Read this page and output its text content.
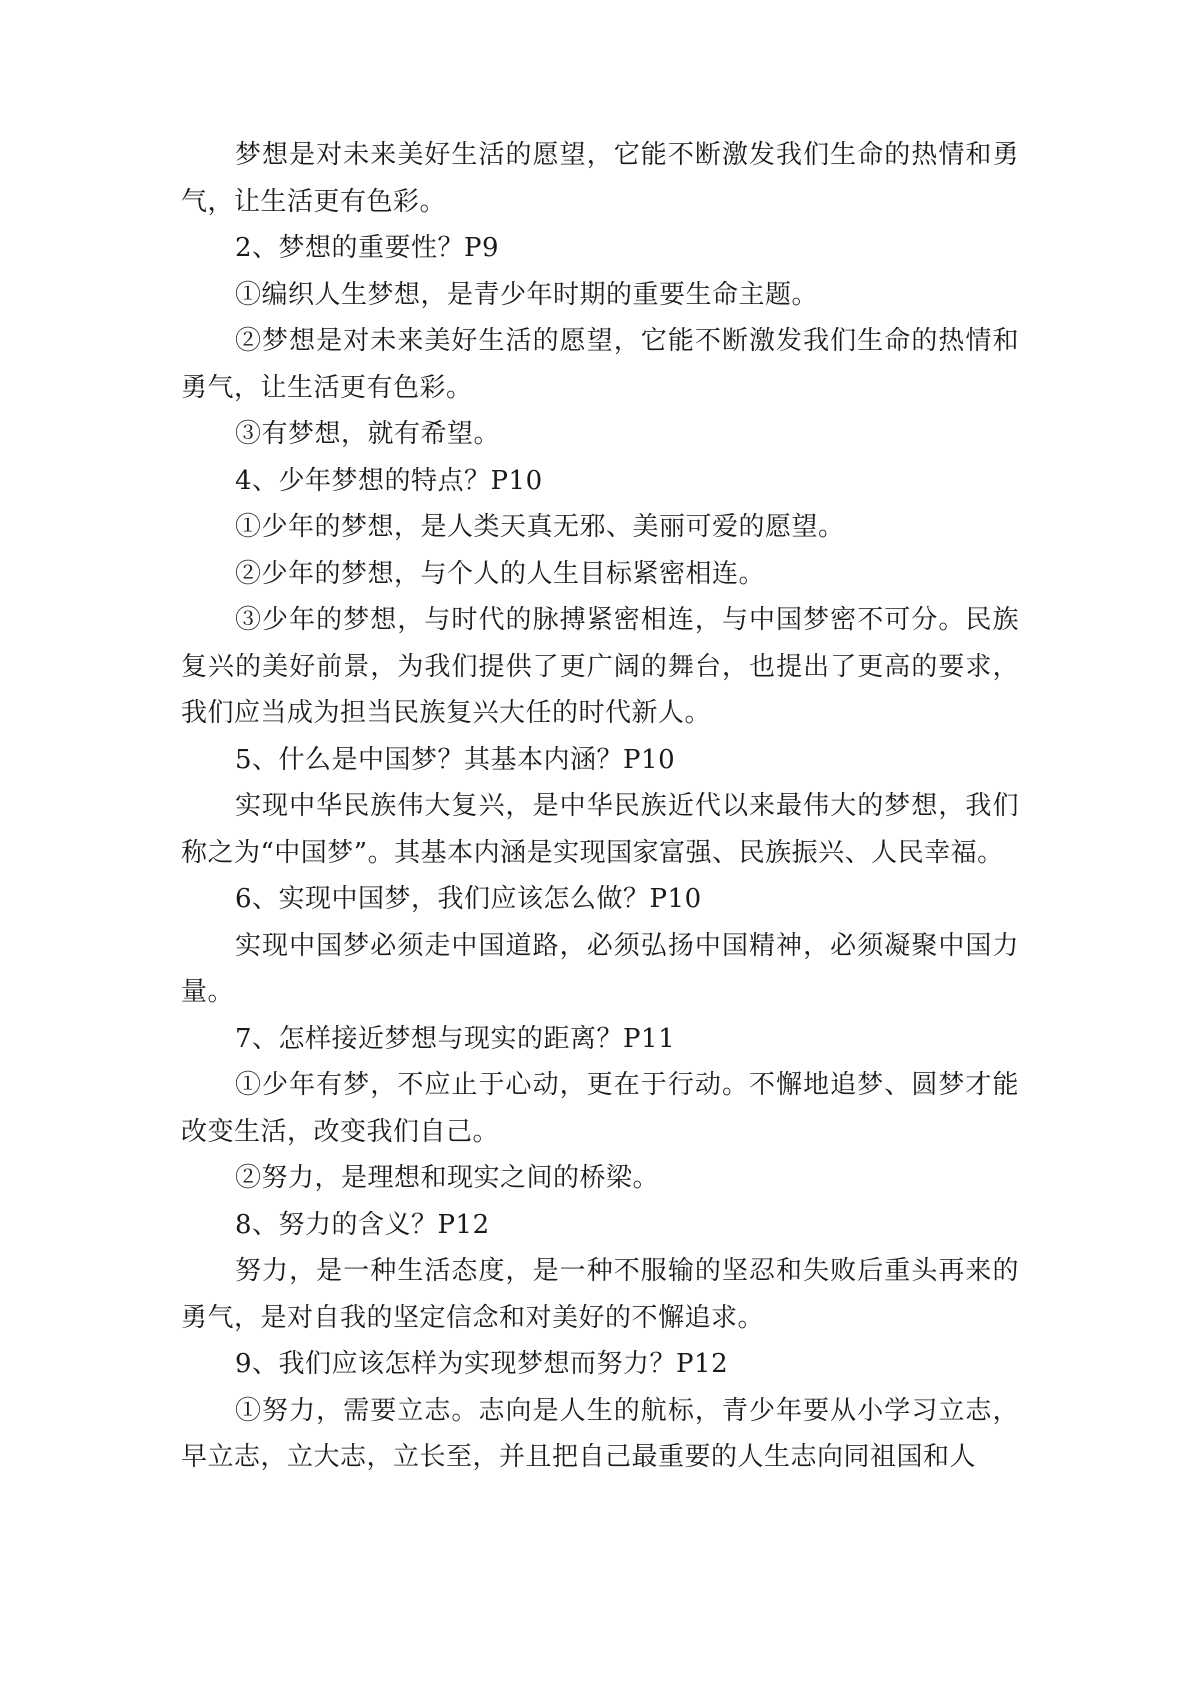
梦想是对未来美好生活的愿望，它能不断激发我们生命的热情和勇气，让生活更有色彩。

2、梦想的重要性？P9

①编织人生梦想，是青少年时期的重要生命主题。

②梦想是对未来美好生活的愿望，它能不断激发我们生命的热情和勇气，让生活更有色彩。

③有梦想，就有希望。

4、少年梦想的特点？P10

①少年的梦想，是人类天真无邪、美丽可爱的愿望。

②少年的梦想，与个人的人生目标紧密相连。

③少年的梦想，与时代的脉搏紧密相连，与中国梦密不可分。民族复兴的美好前景，为我们提供了更广阔的舞台，也提出了更高的要求，我们应当成为担当民族复兴大任的时代新人。

5、什么是中国梦？其基本内涵？P10

实现中华民族伟大复兴，是中华民族近代以来最伟大的梦想，我们称之为“中国梦”。其基本内涵是实现国家富强、民族振兴、人民幸福。

6、实现中国梦，我们应该怎么做？P10

实现中国梦必须走中国道路，必须弘扬中国精神，必须凝聚中国力量。

7、怎样接近梦想与现实的距离？P11

①少年有梦，不应止于心动，更在于行动。不懈地追梦、圆梦才能改变生活，改变我们自己。

②努力，是理想和现实之间的桥梁。

8、努力的含义？P12

努力，是一种生活态度，是一种不服输的坚忍和失败后重头再来的勇气，是对自我的坚定信念和对美好的不懈追求。

9、我们应该怎样为实现梦想而努力？P12

①努力，需要立志。志向是人生的航标，青少年要从小学习立志，早立志，立大志，立长至，并且把自己最重要的人生志向同祖国和人
